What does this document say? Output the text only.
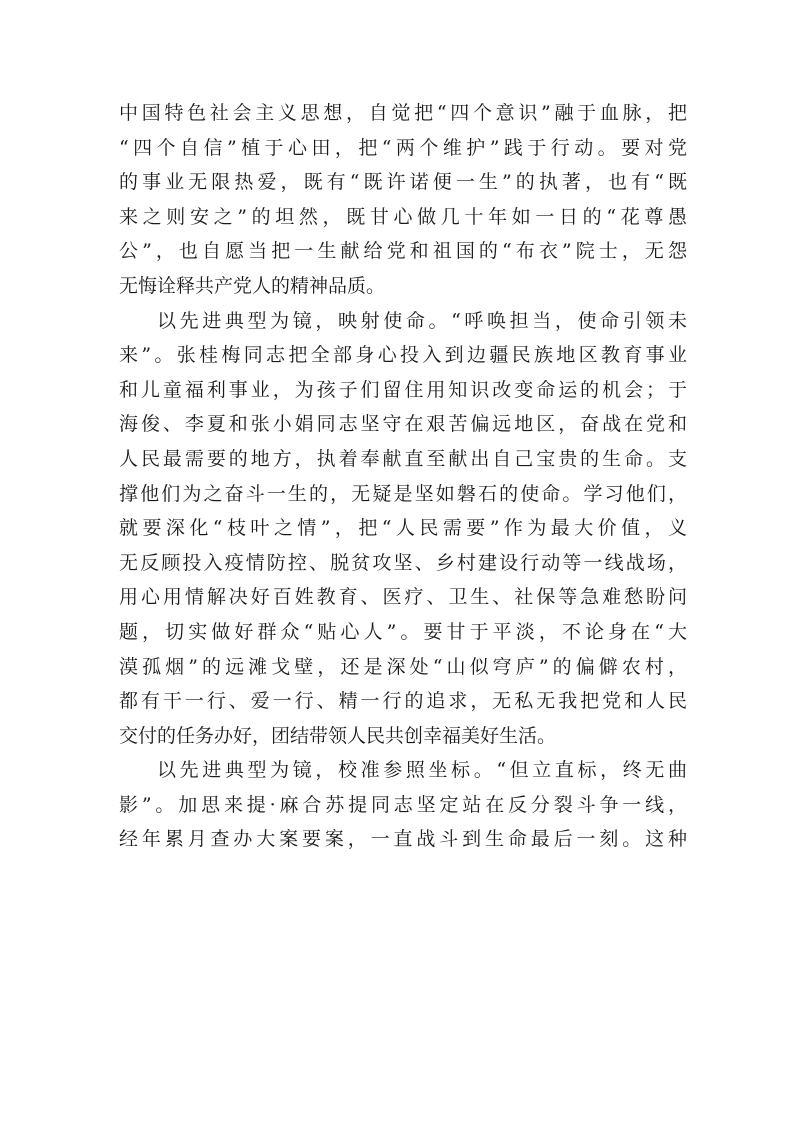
中国特色社会主义思想，自觉把“四个意识”融于血脉，把
“四个自信”植于心田，把“两个维护”践于行动。要对党
的事业无限热爱，既有“既许诺便一生”的执著，也有“既
来之则安之”的坦然，既甘心做几十年如一日的“花尊愚
公”，也自愿当把一生献给党和祖国的“布衣”院士，无怨
无悔诠释共产党人的精神品质。
以先进典型为镜，映射使命。“呼唤担当，使命引领未
来”。张桂梅同志把全部身心投入到边疆民族地区教育事业
和儿童福利事业，为孩子们留住用知识改变命运的机会；于
海俊、李夏和张小娟同志坚守在艰苦偏远地区，奋战在党和
人民最需要的地方，执着奉献直至献出自己宝贵的生命。支
撑他们为之奋斗一生的，无疑是坚如磐石的使命。学习他们，
就要深化“枝叶之情”，把“人民需要”作为最大价值，义
无反顾投入疫情防控、脱贫攻坚、乡村建设行动等一线战场，
用心用情解决好百姓教育、医疗、卫生、社保等急难愁盼问
题，切实做好群众“贴心人”。要甘于平淡，不论身在“大
漠孤烟”的远滩戈壁，还是深处“山似穹庐”的偏僻农村，
都有干一行、爱一行、精一行的追求，无私无我把党和人民
交付的任务办好，团结带领人民共创幸福美好生活。
以先进典型为镜，校准参照坐标。“但立直标，终无曲
影”。加思来提·麻合苏提同志坚定站在反分裂斗争一线，
经年累月查办大案要案，一直战斗到生命最后一刻。这种
